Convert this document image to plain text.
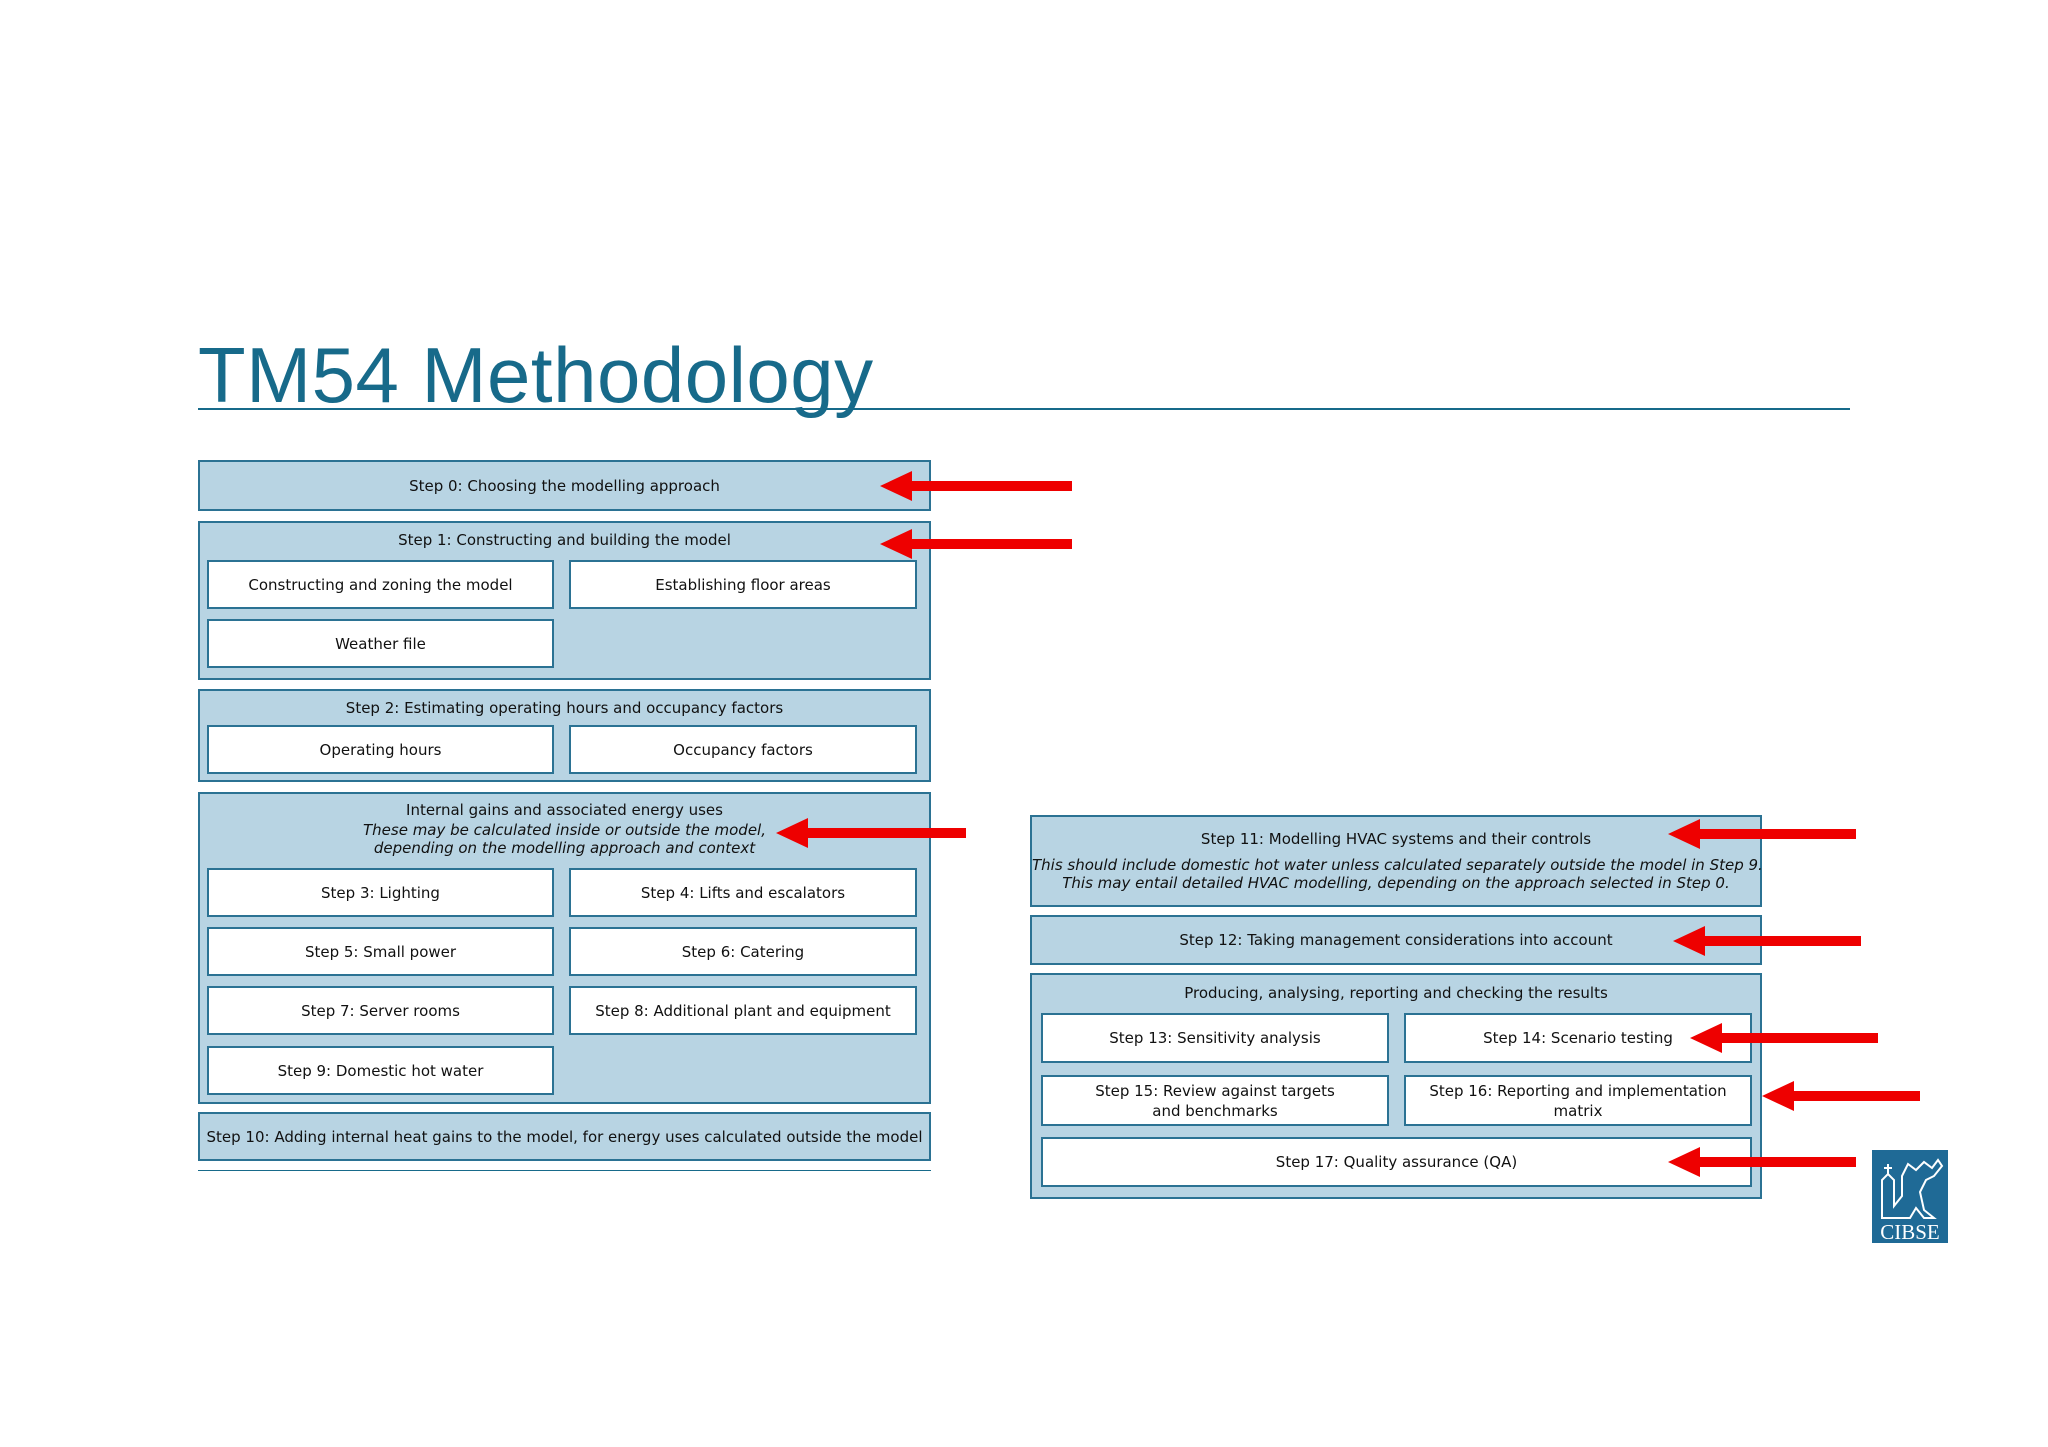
TM54 Methodology
Step 0: Choosing the modelling approach
Step 1: Constructing and building the model
Constructing and zoning the model	Establishing floor areas
Weather file
Step 2: Estimating operating hours and occupancy factors
Operating hours	Occupancy factors
Internal gains and associated energy uses
These may be calculated inside or outside the model,
depending on the modelling approach and context
Step 3: Lighting	Step 4: Lifts and escalators
Step 5: Small power	Step 6: Catering
Step 7: Server rooms	Step 8: Additional plant and equipment
Step 9: Domestic hot water
Step 10: Adding internal heat gains to the model, for energy uses calculated outside the model
Step 11: Modelling HVAC systems and their controls
This should include domestic hot water unless calculated separately outside the model in Step 9.
This may entail detailed HVAC modelling, depending on the approach selected in Step 0.
Step 12: Taking management considerations into account
Producing, analysing, reporting and checking the results
Step 13: Sensitivity analysis	Step 14: Scenario testing
Step 15: Review against targets and benchmarks
Step 16: Reporting and implementation matrix
Step 17: Quality assurance (QA)
CIBSE
